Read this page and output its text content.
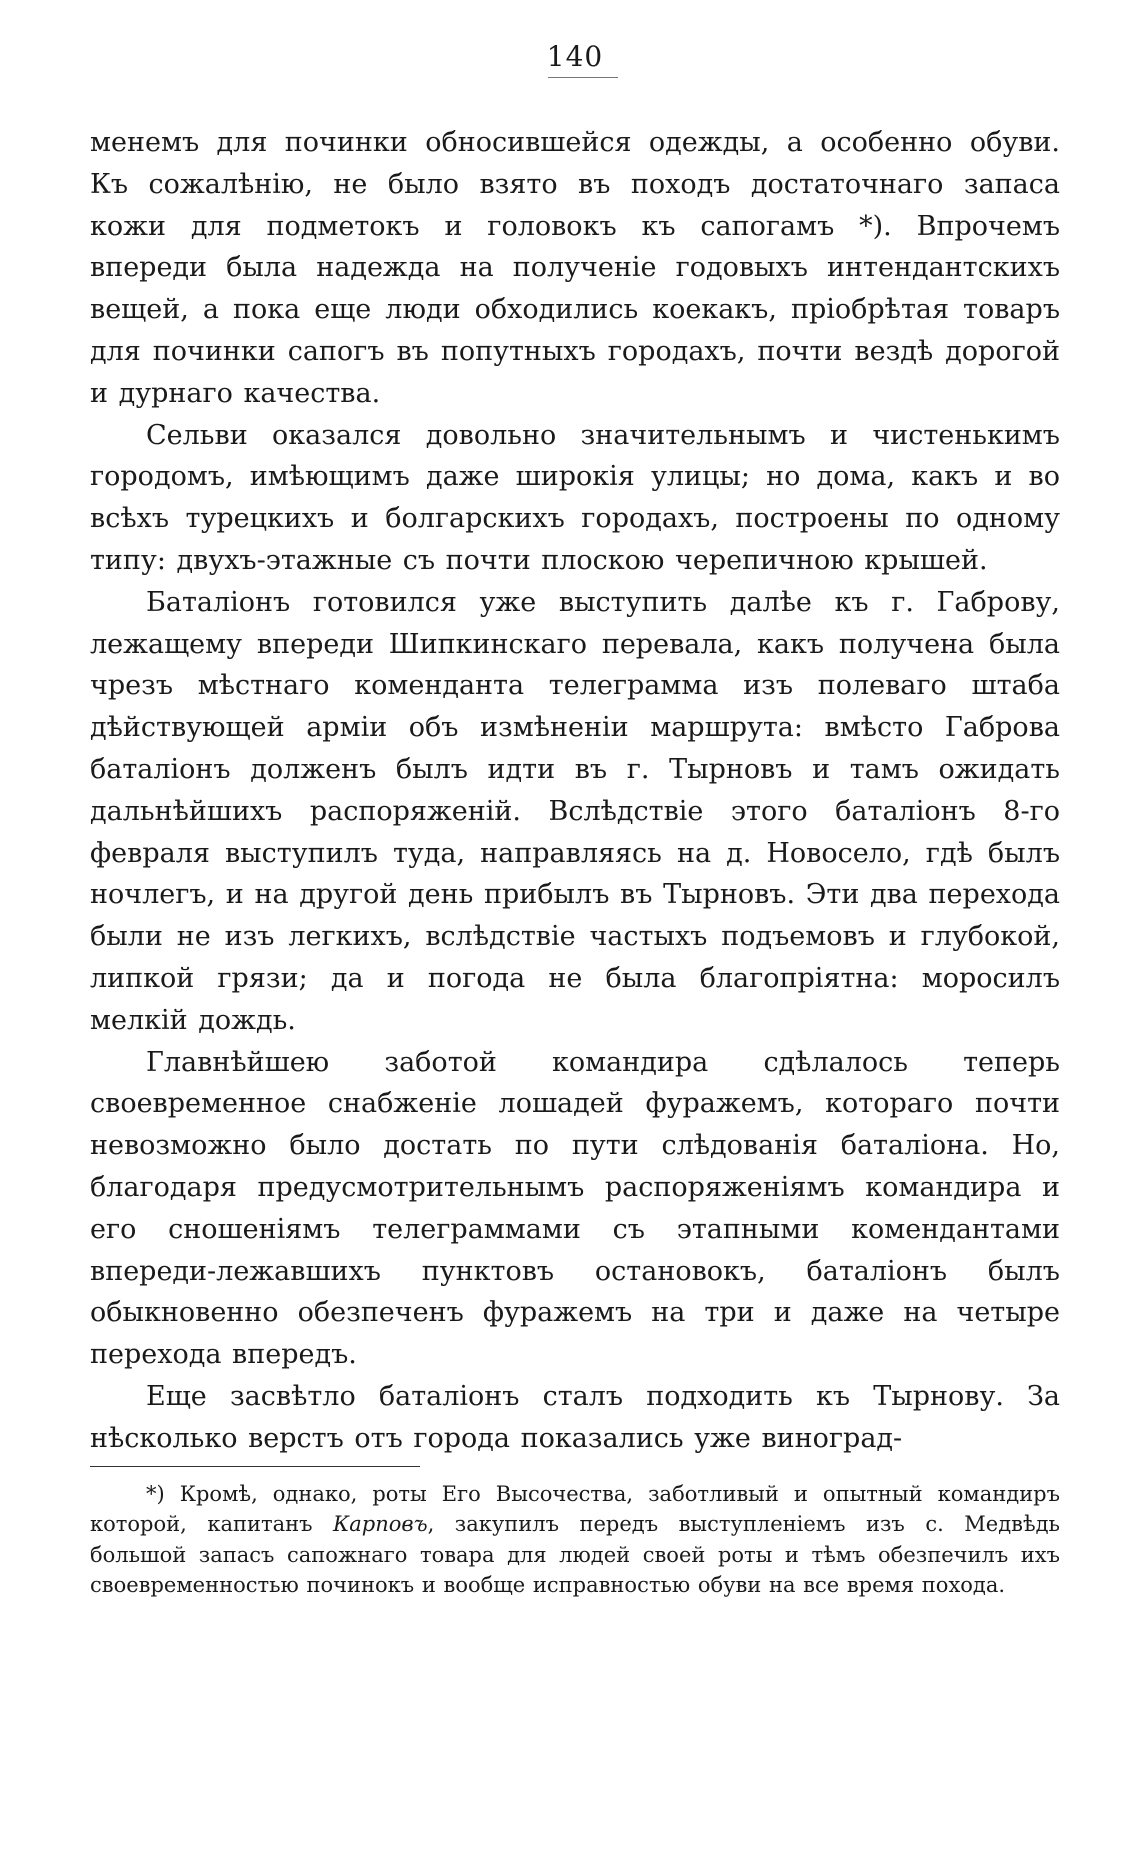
140

менемъ для починки обносившейся одежды, а особенно обуви. Къ сожалѣнію, не было взято въ походъ достаточнаго запаса кожи для подметокъ и головокъ къ сапогамъ *). Впрочемъ впереди была надежда на полученіе годовыхъ интендантскихъ вещей, а пока еще люди обходились коекакъ, пріобрѣтая товаръ для починки сапогъ въ попутныхъ городахъ, почти вездѣ дорогой и дурнаго качества.

Сельви оказался довольно значительнымъ и чистенькимъ городомъ, имѣющимъ даже широкія улицы; но дома, какъ и во всѣхъ турецкихъ и болгарскихъ городахъ, построены по одному типу: двухъ-этажные съ почти плоскою черепичною крышей.

Баталіонъ готовился уже выступить далѣе къ г. Габрову, лежащему впереди Шипкинскаго перевала, какъ получена была чрезъ мѣстнаго коменданта телеграмма изъ полеваго штаба дѣйствующей арміи объ измѣненіи маршрута: вмѣсто Габрова баталіонъ долженъ былъ идти въ г. Тырновъ и тамъ ожидать дальнѣйшихъ распоряженій. Вслѣдствіе этого баталіонъ 8-го февраля выступилъ туда, направляясь на д. Новосело, гдѣ былъ ночлегъ, и на другой день прибылъ въ Тырновъ. Эти два перехода были не изъ легкихъ, вслѣдствіе частыхъ подъемовъ и глубокой, липкой грязи; да и погода не была благопріятна: моросилъ мелкій дождь.

Главнѣйшею заботой командира сдѣлалось теперь своевременное снабженіе лошадей фуражемъ, котораго почти невозможно было достать по пути слѣдованія баталіона. Но, благодаря предусмотрительнымъ распоряженіямъ командира и его сношеніямъ телеграммами съ этапными комендантами впереди-лежавшихъ пунктовъ остановокъ, баталіонъ былъ обыкновенно обезпеченъ фуражемъ на три и даже на четыре перехода впередъ.

Еще засвѣтло баталіонъ сталъ подходить къ Тырнову. За нѣсколько верстъ отъ города показались уже виноград-

*) Кромѣ, однако, роты Его Высочества, заботливый и опытный командиръ которой, капитанъ Карповъ, закупилъ передъ выступленіемъ изъ с. Медвѣдь большой запасъ сапожнаго товара для людей своей роты и тѣмъ обезпечилъ ихъ своевременностью починокъ и вообще исправностью обуви на все время похода.
